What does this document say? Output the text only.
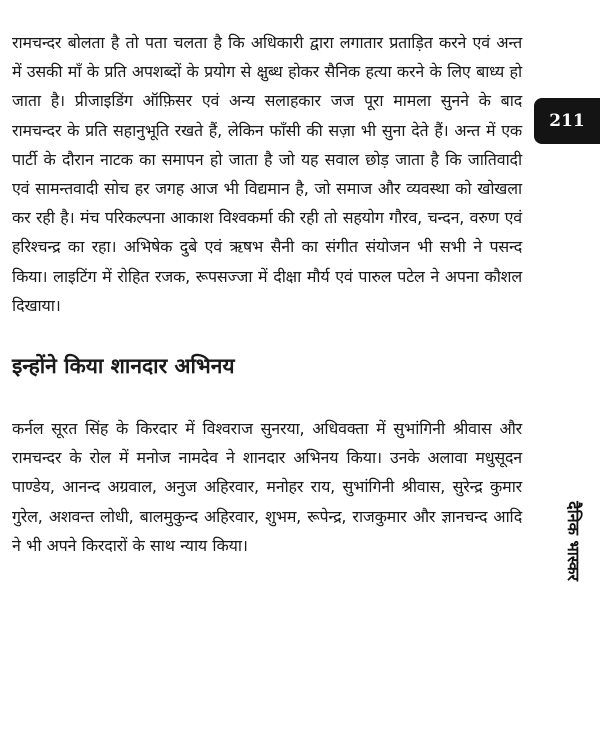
रामचन्दर बोलता है तो पता चलता है कि अधिकारी द्वारा लगातार प्रताड़ित करने एवं अन्त में उसकी माँ के प्रति अपशब्दों के प्रयोग से क्षुब्ध होकर सैनिक हत्या करने के लिए बाध्य हो जाता है। प्रीजाइडिंग ऑफ़िसर एवं अन्य सलाहकार जज पूरा मामला सुनने के बाद रामचन्दर के प्रति सहानुभूति रखते हैं, लेकिन फाँसी की सज़ा भी सुना देते हैं। अन्त में एक पार्टी के दौरान नाटक का समापन हो जाता है जो यह सवाल छोड़ जाता है कि जातिवादी एवं सामन्तवादी सोच हर जगह आज भी विद्यमान है, जो समाज और व्यवस्था को खोखला कर रही है। मंच परिकल्पना आकाश विश्वकर्मा की रही तो सहयोग गौरव, चन्दन, वरुण एवं हरिश्चन्द्र का रहा। अभिषेक दुबे एवं ऋषभ सैनी का संगीत संयोजन भी सभी ने पसन्द किया। लाइटिंग में रोहित रजक, रूपसज्जा में दीक्षा मौर्य एवं पारुल पटेल ने अपना कौशल दिखाया।

इन्होंने किया शानदार अभिनय

कर्नल सूरत सिंह के किरदार में विश्वराज सुनरया, अधिवक्ता में सुभांगिनी श्रीवास और रामचन्दर के रोल में मनोज नामदेव ने शानदार अभिनय किया। उनके अलावा मधुसूदन पाण्डेय, आनन्द अग्रवाल, अनुज अहिरवार, मनोहर राय, सुभांगिनी श्रीवास, सुरेन्द्र कुमार गुरेल, अशवन्त लोधी, बालमुकुन्द अहिरवार, शुभम, रूपेन्द्र, राजकुमार और ज्ञानचन्द आदि ने भी अपने किरदारों के साथ न्याय किया।

211
दैनिक भास्कर
